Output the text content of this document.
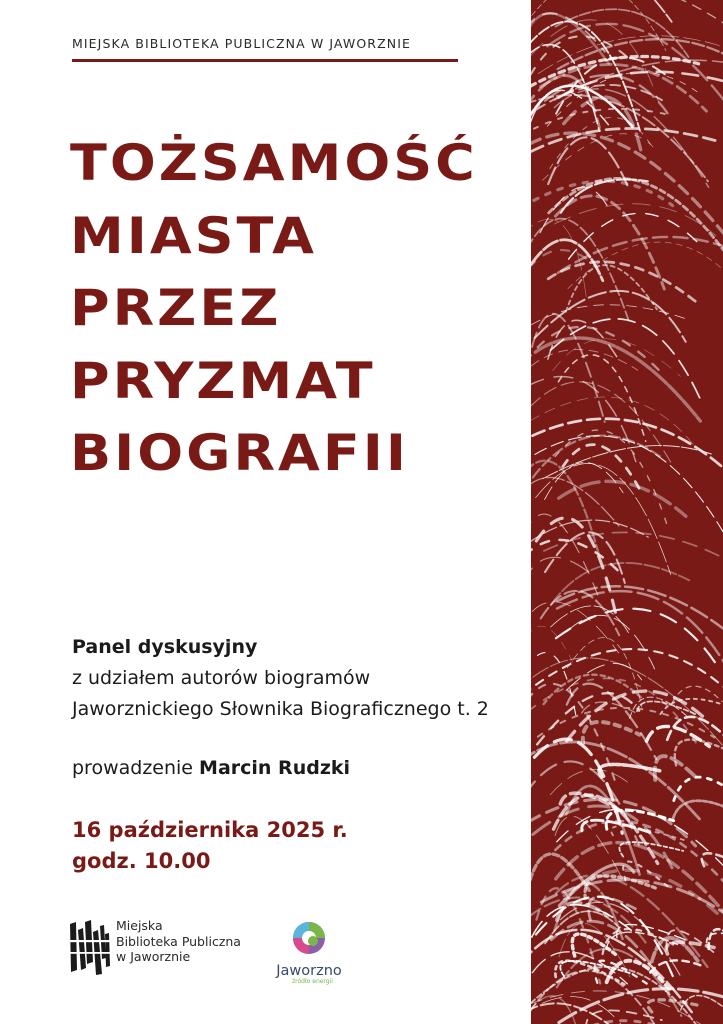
MIEJSKA BIBLIOTEKA PUBLICZNA W JAWORZNIE
TOŻSAMOŚĆ
MIASTA
PRZEZ
PRYZMAT
BIOGRAFII
Panel dyskusyjny
z udziałem autorów biogramów
Jaworznickiego Słownika Biograficznego t. 2
prowadzenie Marcin Rudzki
16 października 2025 r.
godz. 10.00
Miejska
Biblioteka Publiczna
w Jaworznie
Jaworzno
źródło energii
